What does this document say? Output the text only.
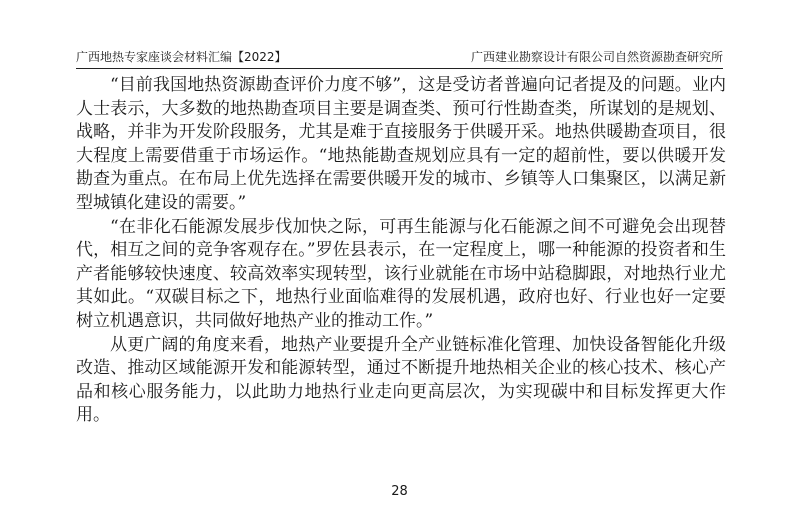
广西地热专家座谈会材料汇编【2022】	广西建业勘察设计有限公司自然资源勘查研究所

“目前我国地热资源勘查评价力度不够”，这是受访者普遍向记者提及的问题。业内人士表示，大多数的地热勘查项目主要是调查类、预可行性勘查类，所谋划的是规划、战略，并非为开发阶段服务，尤其是难于直接服务于供暖开采。地热供暖勘查项目，很大程度上需要借重于市场运作。“地热能勘查规划应具有一定的超前性，要以供暖开发勘查为重点。在布局上优先选择在需要供暖开发的城市、乡镇等人口集聚区，以满足新型城镇化建设的需要。”

“在非化石能源发展步伐加快之际，可再生能源与化石能源之间不可避免会出现替代，相互之间的竞争客观存在。”罗佐县表示，在一定程度上，哪一种能源的投资者和生产者能够较快速度、较高效率实现转型，该行业就能在市场中站稳脚跟，对地热行业尤其如此。“双碳目标之下，地热行业面临难得的发展机遇，政府也好、行业也好一定要树立机遇意识，共同做好地热产业的推动工作。”

从更广阔的角度来看，地热产业要提升全产业链标准化管理、加快设备智能化升级改造、推动区域能源开发和能源转型，通过不断提升地热相关企业的核心技术、核心产品和核心服务能力，以此助力地热行业走向更高层次，为实现碳中和目标发挥更大作用。

28
